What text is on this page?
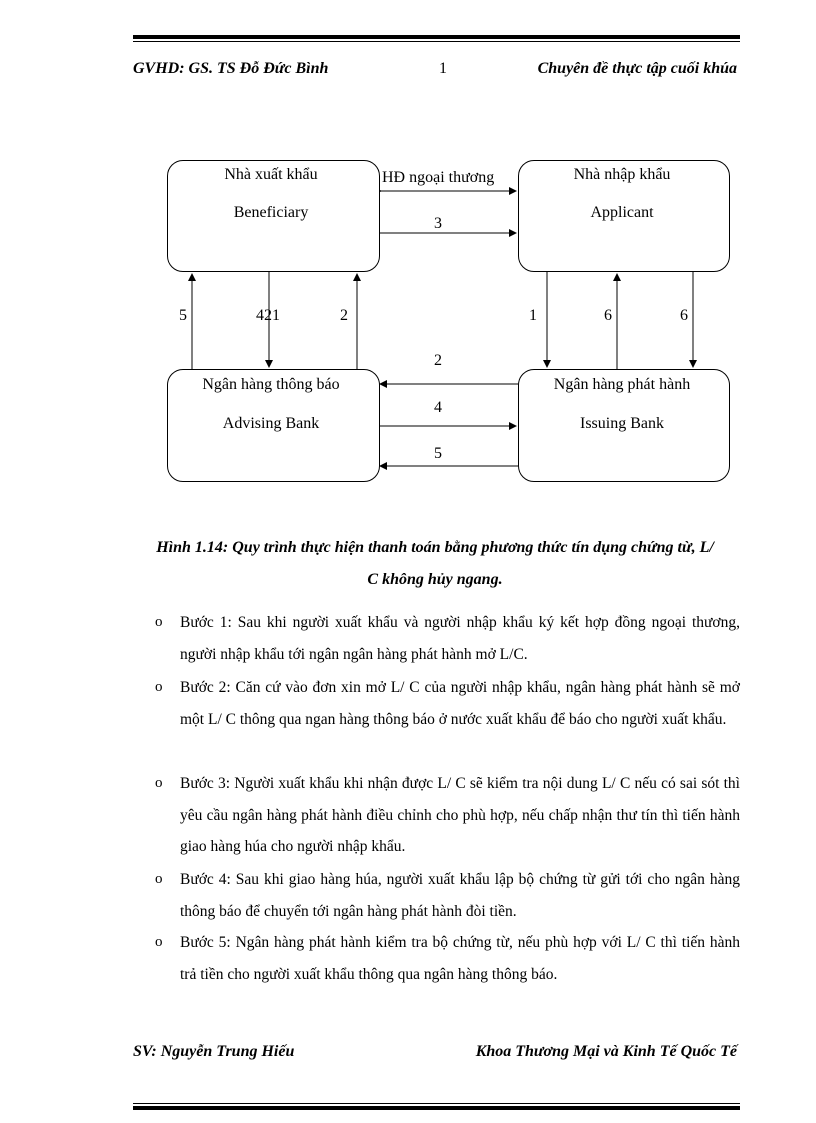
GVHD: GS. TS Đỗ Đức Bình	1	Chuyên đề thực tập cuối khúa
Nhà xuất khẩu
Beneficiary
Nhà nhập khẩu
Applicant
Ngân hàng thông báo
Advising Bank
Ngân hàng phát hành
Issuing Bank
HĐ ngoại thương
3
5	421	2	1	6	6
2
4
5
Hình 1.14: Quy trình thực hiện thanh toán bằng phương thức tín dụng chứng từ, L/
C không hủy ngang.
o Bước 1: Sau khi người xuất khẩu và người nhập khẩu ký kết hợp đồng ngoại thương, người nhập khẩu tới ngân ngân hàng phát hành mở L/C.
o Bước 2: Căn cứ vào đơn xin mở L/ C của người nhập khẩu, ngân hàng phát hành sẽ mở một L/ C thông qua ngan hàng thông báo ở nước xuất khẩu để báo cho người xuất khẩu.
o Bước 3: Người xuất khẩu khi nhận được L/ C sẽ kiểm tra nội dung L/ C nếu có sai sót thì yêu cầu ngân hàng phát hành điều chỉnh cho phù hợp, nếu chấp nhận thư tín thì tiến hành giao hàng húa cho người nhập khẩu.
o Bước 4: Sau khi giao hàng húa, người xuất khẩu lập bộ chứng từ gửi tới cho ngân hàng thông báo để chuyển tới ngân hàng phát hành đòi tiền.
o Bước 5: Ngân hàng phát hành kiểm tra bộ chứng từ, nếu phù hợp với L/ C thì tiến hành trả tiền cho người xuất khẩu thông qua ngân hàng thông báo.
SV: Nguyễn Trung Hiếu	Khoa Thương Mại và Kinh Tế Quốc Tế
